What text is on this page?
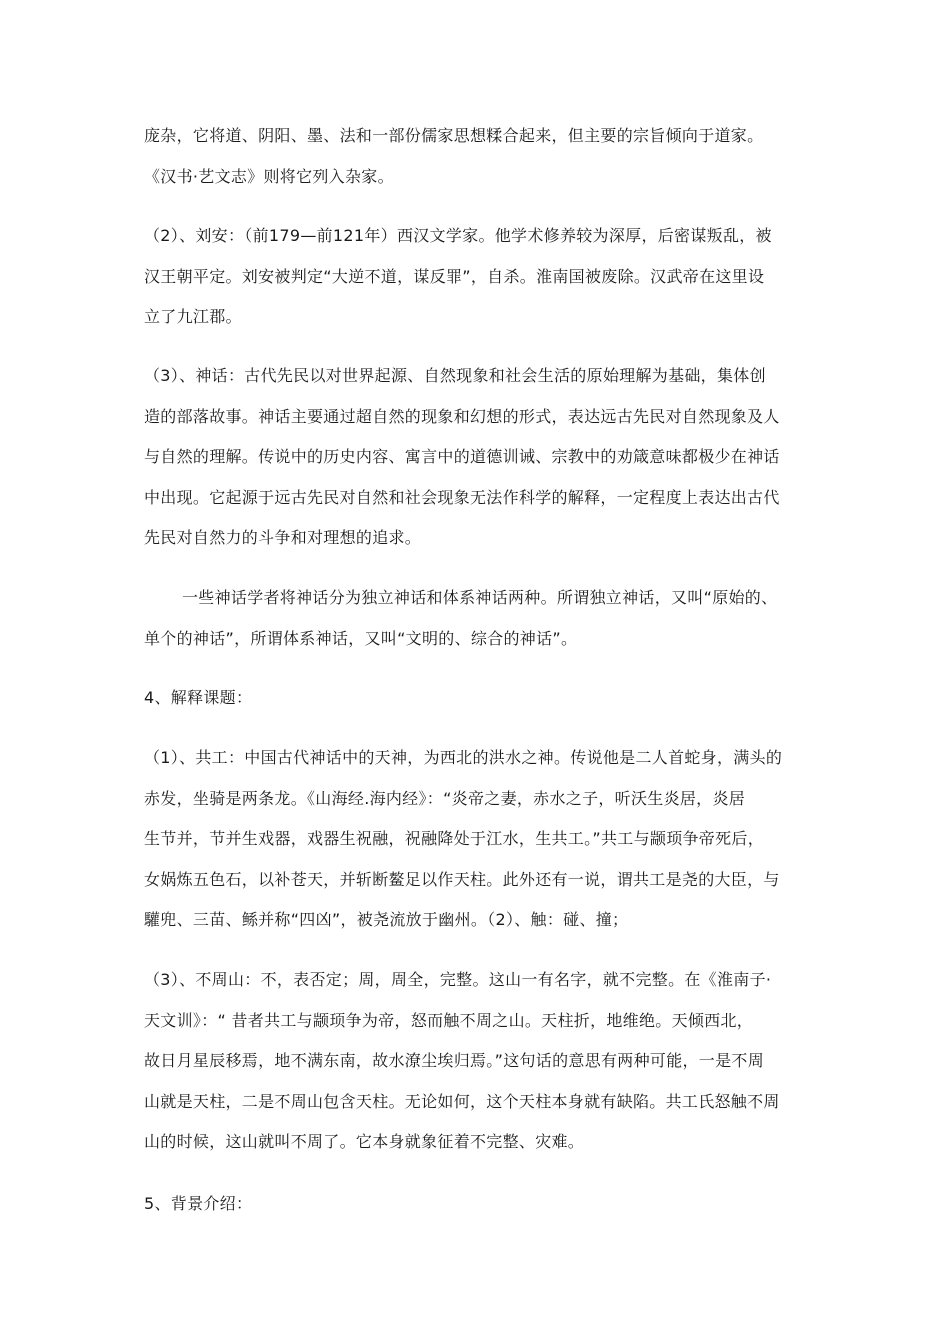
庞杂，它将道、阴阳、墨、法和一部份儒家思想糅合起来，但主要的宗旨倾向于道家。
《汉书·艺文志》则将它列入杂家。

（2）、刘安：（前179—前121年）西汉文学家。他学术修养较为深厚，后密谋叛乱，被
汉王朝平定。刘安被判定“大逆不道，谋反罪”，自杀。淮南国被废除。汉武帝在这里设
立了九江郡。

（3）、神话：古代先民以对世界起源、自然现象和社会生活的原始理解为基础，集体创
造的部落故事。神话主要通过超自然的现象和幻想的形式，表达远古先民对自然现象及人
与自然的理解。传说中的历史内容、寓言中的道德训诫、宗教中的劝箴意味都极少在神话
中出现。它起源于远古先民对自然和社会现象无法作科学的解释，一定程度上表达出古代
先民对自然力的斗争和对理想的追求。

一些神话学者将神话分为独立神话和体系神话两种。所谓独立神话，又叫“原始的、
单个的神话”，所谓体系神话，又叫“文明的、综合的神话”。

4、解释课题：

（1）、共工：中国古代神话中的天神，为西北的洪水之神。传说他是二人首蛇身，满头的
赤发，坐骑是两条龙。《山海经.海内经》：“炎帝之妻，赤水之子，听沃生炎居，炎居
生节并，节并生戏器，戏器生祝融，祝融降处于江水，生共工。”共工与颛顼争帝死后，
女娲炼五色石，以补苍天，并斩断鳌足以作天柱。此外还有一说，谓共工是尧的大臣，与
驩兜、三苗、鲧并称“四凶”，被尧流放于幽州。（2）、触：碰、撞；

（3）、不周山：不，表否定；周，周全，完整。这山一有名字，就不完整。在《淮南子·
天文训》：“ 昔者共工与颛顼争为帝，怒而触不周之山。天柱折，地维绝。天倾西北，
故日月星辰移焉，地不满东南，故水潦尘埃归焉。”这句话的意思有两种可能，一是不周
山就是天柱，二是不周山包含天柱。无论如何，这个天柱本身就有缺陷。共工氏怒触不周
山的时候，这山就叫不周了。它本身就象征着不完整、灾难。

5、背景介绍：
